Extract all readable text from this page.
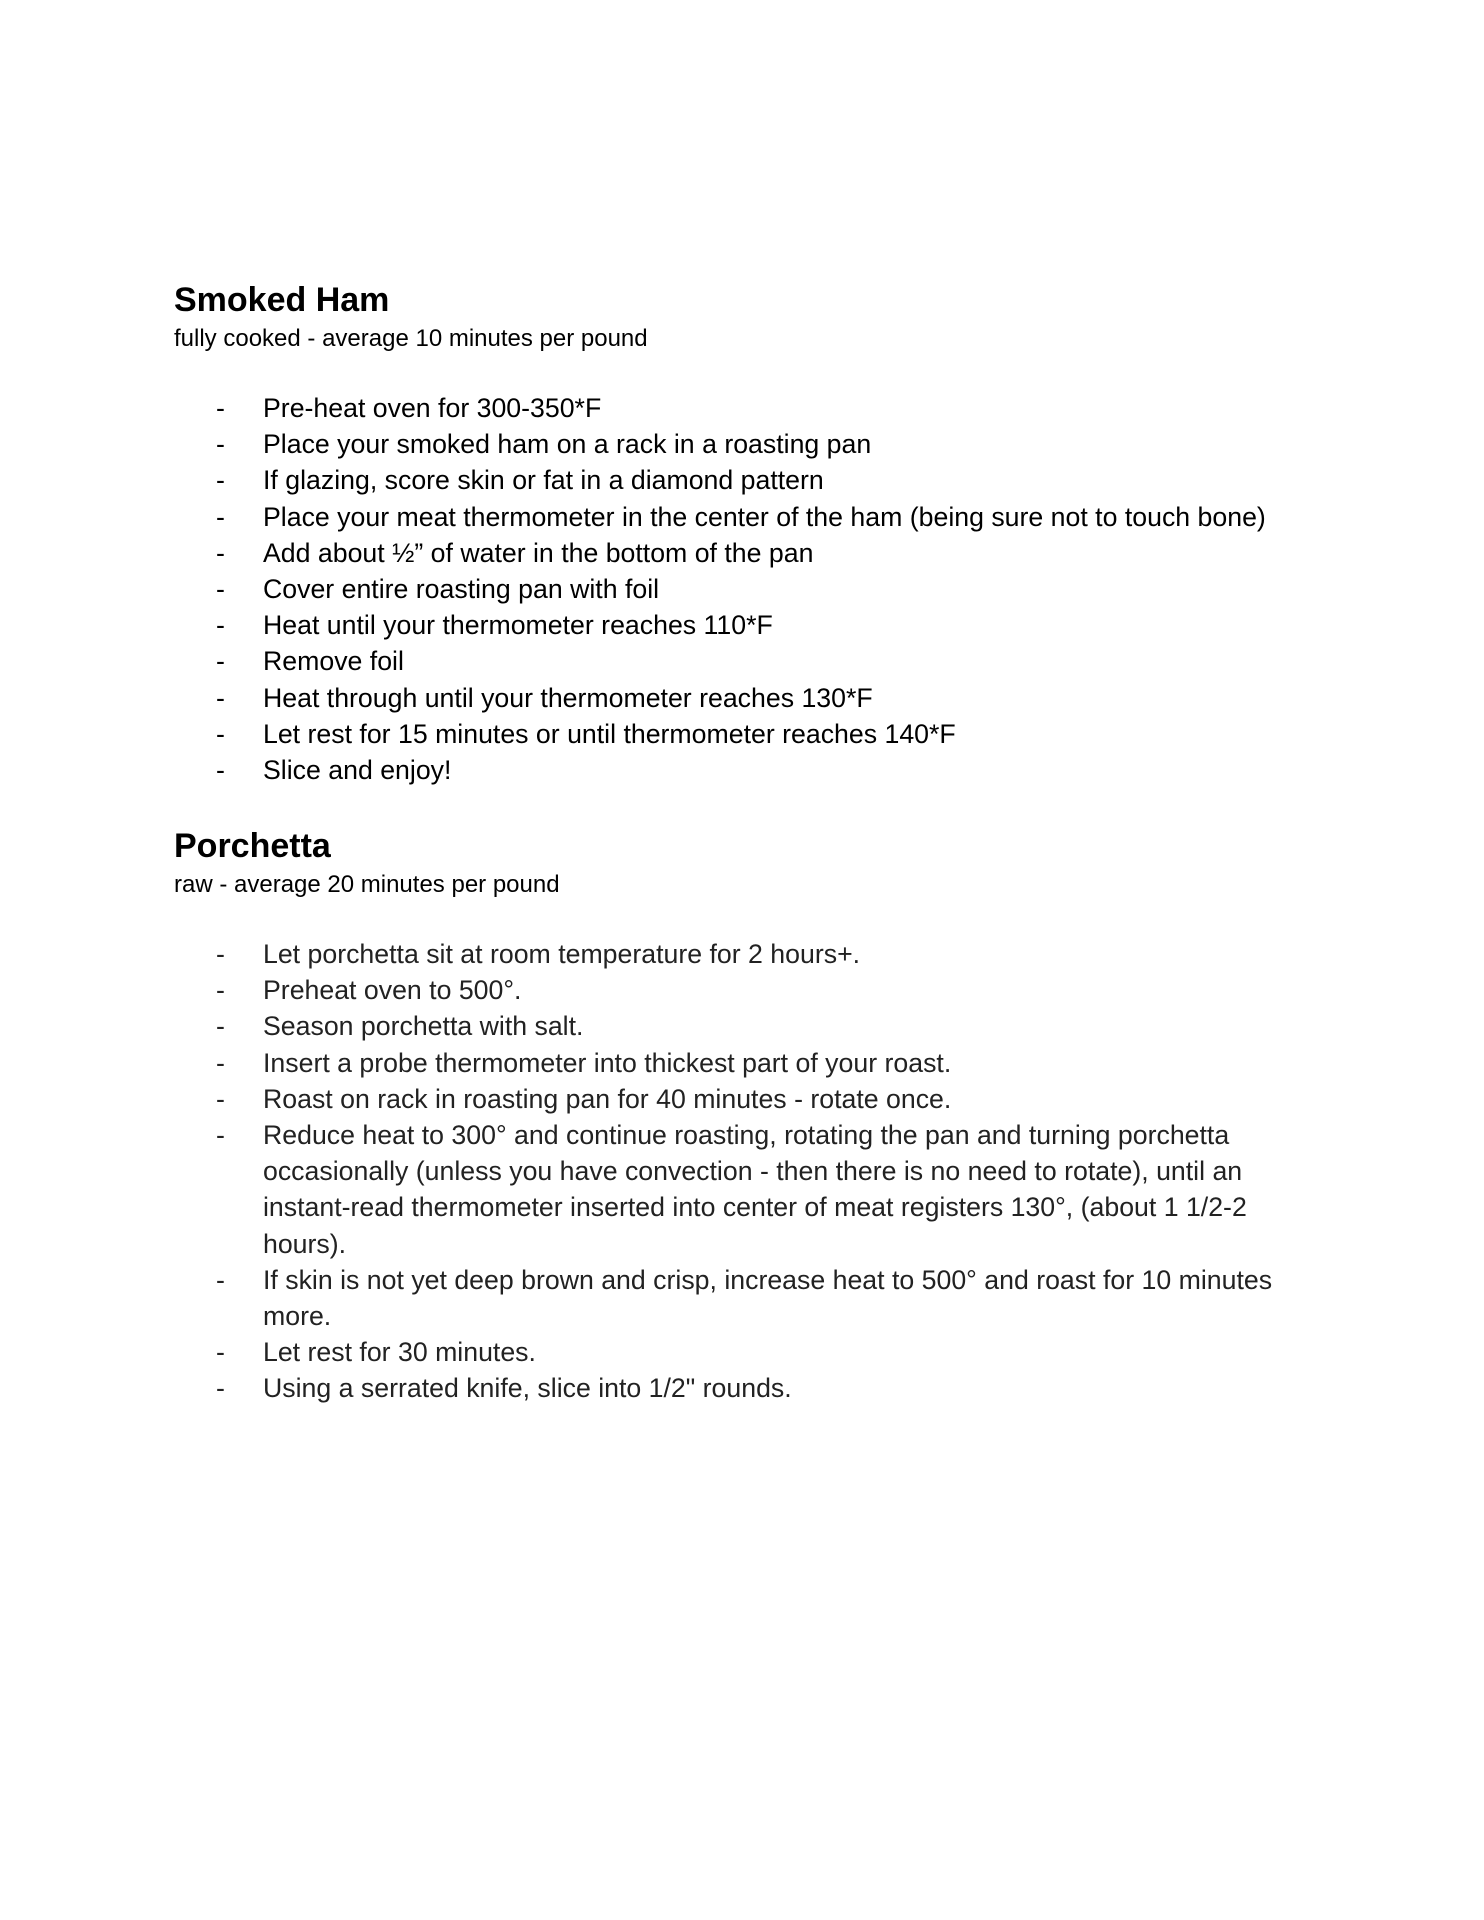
Smoked Ham

fully cooked - average 10 minutes per pound

- Pre-heat oven for 300-350*F
- Place your smoked ham on a rack in a roasting pan
- If glazing, score skin or fat in a diamond pattern
- Place your meat thermometer in the center of the ham (being sure not to touch bone)
- Add about ½” of water in the bottom of the pan
- Cover entire roasting pan with foil
- Heat until your thermometer reaches 110*F
- Remove foil
- Heat through until your thermometer reaches 130*F
- Let rest for 15 minutes or until thermometer reaches 140*F
- Slice and enjoy!
Porchetta

raw - average 20 minutes per pound

- Let porchetta sit at room temperature for 2 hours+.
- Preheat oven to 500°.
- Season porchetta with salt.
- Insert a probe thermometer into thickest part of your roast.
- Roast on rack in roasting pan for 40 minutes - rotate once.
- Reduce heat to 300° and continue roasting, rotating the pan and turning porchetta occasionally (unless you have convection - then there is no need to rotate), until an instant-read thermometer inserted into center of meat registers 130°, (about 1 1/2-2 hours).
- If skin is not yet deep brown and crisp, increase heat to 500° and roast for 10 minutes more.
- Let rest for 30 minutes.
- Using a serrated knife, slice into 1/2" rounds.
